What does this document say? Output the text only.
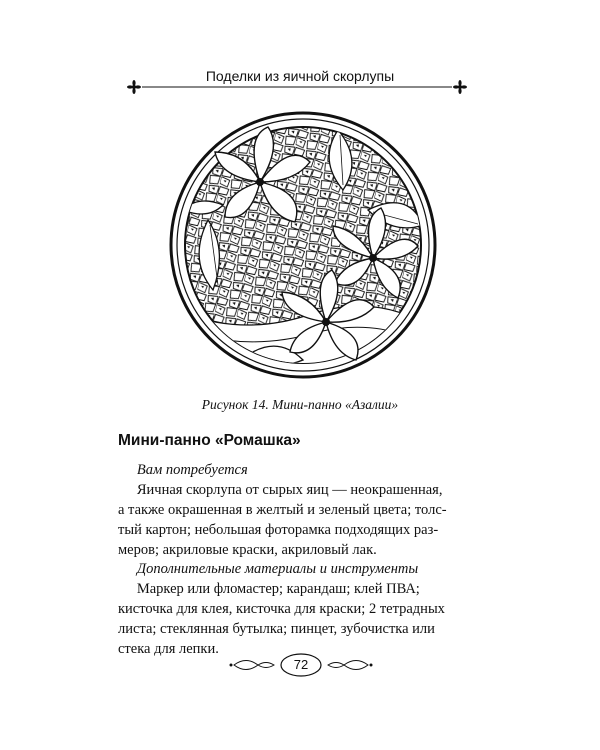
Поделки из яичной скорлупы
Рисунок 14. Мини-панно «Азалии»
Мини-панно «Ромашка»
Вам потребуется
Яичная скорлупа от сырых яиц — неокрашенная,
а также окрашенная в желтый и зеленый цвета; толс-
тый картон; небольшая фоторамка подходящих раз-
меров; акриловые краски, акриловый лак.
Дополнительные материалы и инструменты
Маркер или фломастер; карандаш; клей ПВА;
кисточка для клея, кисточка для краски; 2 тетрадных
листа; стеклянная бутылка; пинцет, зубочистка или
стека для лепки.
72
